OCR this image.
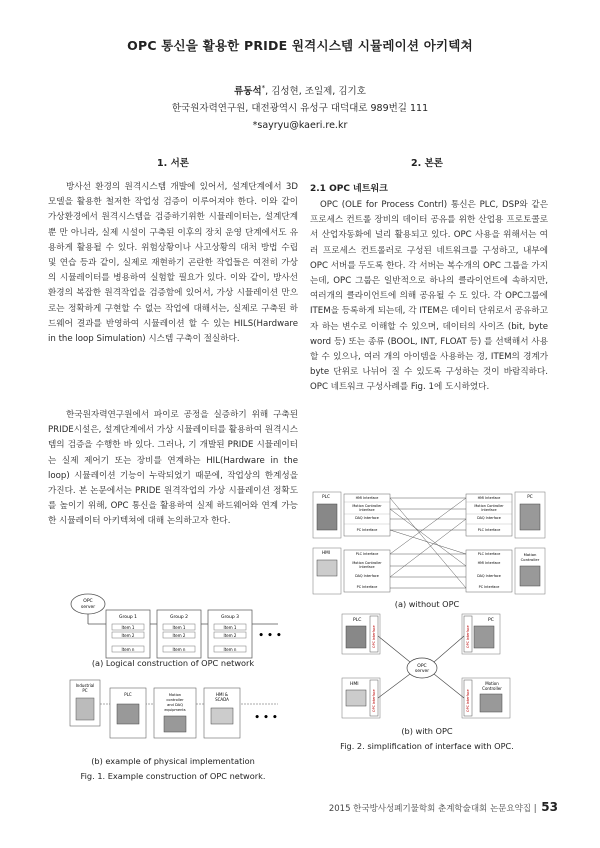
OPC 통신을 활용한 PRIDE 원격시스템 시뮬레이션 아키텍쳐
류동석*, 김성현, 조일제, 김기호
한국원자력연구원, 대전광역시 유성구 대덕대로 989번길 111
*sayryu@kaeri.re.kr
1. 서론
방사선 환경의 원격시스템 개발에 있어서, 설계단계에서 3D 모델을 활용한 철저한 작업성 검증이 이루어져야 한다. 이와 같이 가상환경에서 원격시스템을 검증하기위한 시뮬레이터는, 설계단계 뿐 만 아니라, 실제 시설이 구축된 이후의 장치 운영 단계에서도 유용하게 활용될 수 있다. 위험상황이나 사고상황의 대처 방법 수립 및 연습 등과 같이, 실제로 재현하기 곤란한 작업들은 여전히 가상의 시뮬레이터를 병용하여 실험할 필요가 있다. 이와 같이, 방사선 환경의 복잡한 원격작업을 검증함에 있어서, 가상 시뮬레이션 만으로는 정확하게 구현할 수 없는 작업에 대해서는, 실제로 구축된 하드웨어 결과를 반영하여 시뮬레이션 할 수 있는 HILS(Hardware in the loop Simulation) 시스템 구축이 절실하다.
한국원자력연구원에서 파이로 공정을 실증하기 위해 구축된 PRIDE시설은, 설계단계에서 가상 시뮬레이터를 활용하여 원격시스템의 검증을 수행한 바 있다. 그러나, 기 개발된 PRIDE 시뮬레이터는 실제 제어기 또는 장비를 연계하는 HIL(Hardware in the loop) 시뮬레이션 기능이 누락되었기 때문에, 작업상의 한계성을 가진다. 본 논문에서는 PRIDE 원격작업의 가상 시뮬레이션 정확도를 높이기 위해, OPC 통신을 활용하여 실제 하드웨어와 연계 가능한 시뮬레이터 아키텍쳐에 대해 논의하고자 한다.
OPC
server
Group 1
Item 1
Item 2
Item n
Group 2
Item 1
Item 2
Item n
Group 3
Item 1
Item 2
Item n
• • •
(a) Logical construction of OPC network
Industrial
PC
PLC	Motion
controller
and DAQ
equipments
HMI &
SCADA
• • •
(b) example of physical implementation
Fig. 1. Example construction of OPC network.
2. 본론
2.1 OPC 네트워크
OPC (OLE for Process Contrl) 통신은 PLC, DSP와 같은 프로세스 컨트롤 장비의 데이터 공유를 위한 산업용 프로토콜로서 산업자동화에 널리 활용되고 있다. OPC 사용을 위해서는 여러 프로세스 컨트롤러로 구성된 네트워크를 구성하고, 내부에 OPC 서버를 두도록 한다. 각 서버는 복수개의 OPC 그룹을 가지는데, OPC 그룹은 일반적으로 하나의 클라이언트에 속하지만, 여러개의 클라이언트에 의해 공유될 수 도 있다. 각 OPC그룹에 ITEM을 등록하게 되는데, 각 ITEM은 데이터 단위로서 공유하고자 하는 변수로 이해할 수 있으며, 데이터의 사이즈 (bit, byte word 등) 또는 종류 (BOOL, INT, FLOAT 등) 를 선택해서 사용할 수 있으나, 여러 개의 아이템을 사용하는 경, ITEM의 경계가 byte 단위로 나뉘어 질 수 있도록 구성하는 것이 바람직하다. OPC 네트워크 구성사례를 Fig. 1에 도시하였다.
PLC	HMI Interface
Motion Controller
Interface
DAQ Interface
PC Interface
HMI Interface
Motion Controller
Interface
DAQ Interface
PLC Interface
PC
HMI	PLC Interface
Motion Controller
Interface
DAQ Interface
PC Interface
PLC Interface
HMI Interface
DAQ Interface
PC Interface
Motion
Controller
(a) without OPC
PLC
OPC interface
PC
OPC interface
OPC
server
HMI
OPC interface
Motion
Controller
OPC interface
(b) with OPC
Fig. 2. simplification of interface with OPC.
2015 한국방사성폐기물학회 춘계학술대회 논문요약집 | 53
